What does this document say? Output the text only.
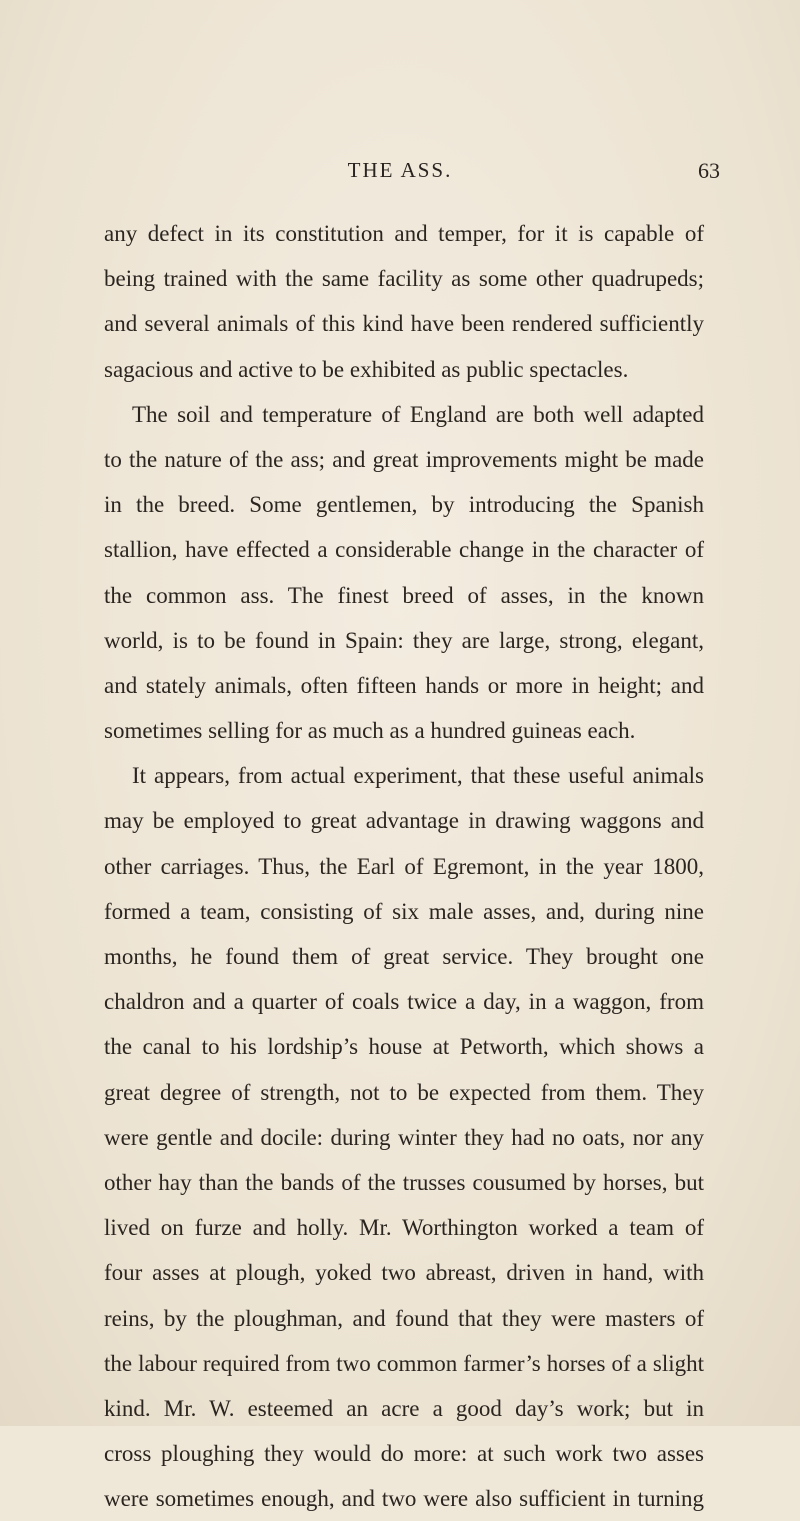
THE ASS.	63
any defect in its constitution and temper, for it is capable of
being trained with the same facility as some other quadrupeds;
and several animals of this kind have been rendered sufficiently
sagacious and active to be exhibited as public spectacles.
The soil and temperature of England are both well adapted
to the nature of the ass; and great improvements might be made
in the breed. Some gentlemen, by introducing the Spanish
stallion, have effected a considerable change in the character of
the common ass. The finest breed of asses, in the known
world, is to be found in Spain: they are large, strong, elegant,
and stately animals, often fifteen hands or more in height; and
sometimes selling for as much as a hundred guineas each.
It appears, from actual experiment, that these useful animals
may be employed to great advantage in drawing waggons and
other carriages. Thus, the Earl of Egremont, in the year 1800,
formed a team, consisting of six male asses, and, during nine
months, he found them of great service. They brought one
chaldron and a quarter of coals twice a day, in a waggon, from
the canal to his lordship’s house at Petworth, which shows a
great degree of strength, not to be expected from them. They
were gentle and docile: during winter they had no oats, nor any
other hay than the bands of the trusses cousumed by horses, but
lived on furze and holly. Mr. Worthington worked a team of
four asses at plough, yoked two abreast, driven in hand, with
reins, by the ploughman, and found that they were masters of
the labour required from two common farmer’s horses of a slight
kind. Mr. W. esteemed an acre a good day’s work; but in
cross ploughing they would do more: at such work two asses
were sometimes enough, and two were also sufficient in turning
